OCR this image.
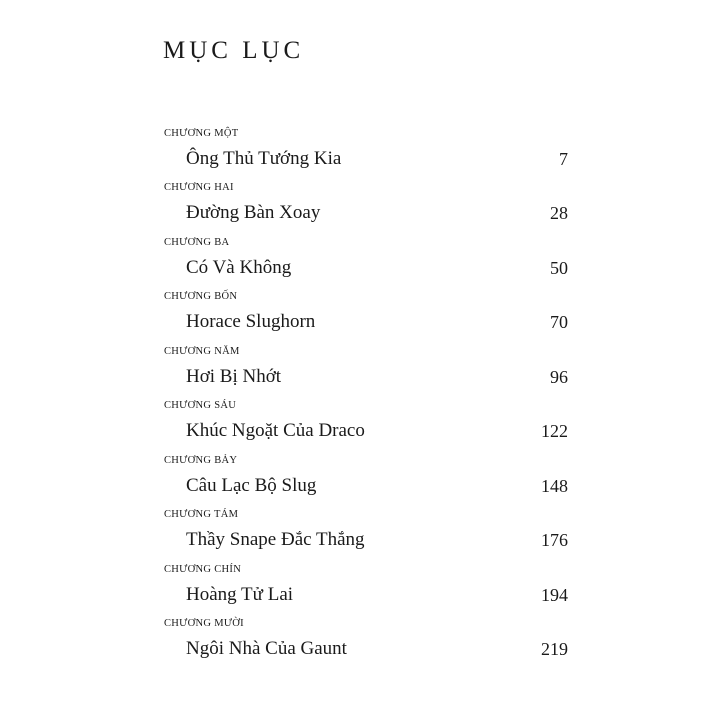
MỤC LỤC
CHƯƠNG MỘT
Ông Thủ Tướng Kia	7
CHƯƠNG HAI
Đường Bàn Xoay	28
CHƯƠNG BA
Có Và Không	50
CHƯƠNG BỐN
Horace Slughorn	70
CHƯƠNG NĂM
Hơi Bị Nhớt	96
CHƯƠNG SÁU
Khúc Ngoặt Của Draco	122
CHƯƠNG BẢY
Câu Lạc Bộ Slug	148
CHƯƠNG TÁM
Thầy Snape Đắc Thắng	176
CHƯƠNG CHÍN
Hoàng Tử Lai	194
CHƯƠNG MƯỜI
Ngôi Nhà Của Gaunt	219
